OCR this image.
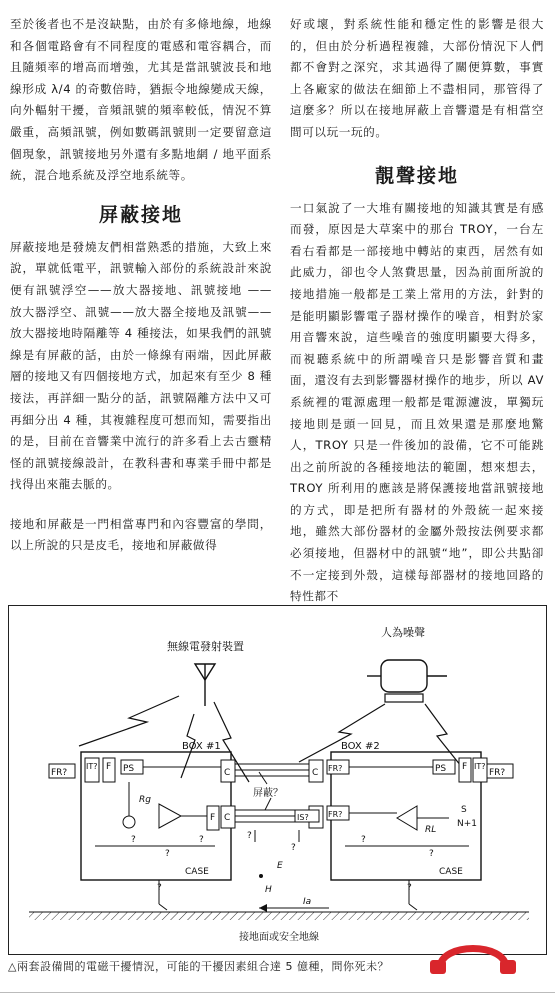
至於後者也不是沒缺點，由於有多條地線，地線和各個電路會有不同程度的電感和電容耦合，而且隨頻率的增高而增強，尤其是當訊號波長和地線形成 λ/4 的奇數倍時，猶振令地線變成天線，向外輻射干擾，音頻訊號的頻率較低，情況不算嚴重，高頻訊號，例如數碼訊號則一定要留意這個現象，訊號接地另外還有多點地網 / 地平面系統，混合地系統及浮空地系統等。

屏蔽接地

屏蔽接地是發燒友們相當熟悉的措施，大致上來說，單就低電平，訊號輸入部份的系統設計來說便有訊號浮空——放大器接地、訊號接地 —— 放大器浮空、訊號——放大器全接地及訊號——放大器接地時隔離等 4 種接法，如果我們的訊號線是有屏蔽的話，由於一條線有兩端，因此屏蔽層的接地又有四個接地方式，加起來有至少 8 種接法，再詳細一點分的話，訊號隔離方法中又可再細分出 4 種，其複雜程度可想而知，需要指出的是，目前在音響業中流行的許多看上去古靈精怪的訊號接線設計，在教科書和專業手冊中都是找得出來龍去脈的。

接地和屏蔽是一門相當專門和內容豐富的學問，以上所說的只是皮毛，接地和屏蔽做得

好或壞，對系統性能和穩定性的影響是很大的，但由於分析過程複雜，大部份情況下人們都不會對之深究，求其過得了關便算數，事實上各廠家的做法在細節上不盡相同，那管得了這麼多？所以在接地屏蔽上音響還是有相當空間可以玩一玩的。

靚聲接地

一口氣說了一大堆有關接地的知識其實是有感而發，原因是大草案中的那台 TROY，一台左看右看都是一部接地中轉站的東西，居然有如此威力，卻也令人煞費思量，因為前面所說的接地措施一般都是工業上常用的方法，針對的是能明顯影響電子器材操作的噪音，相對於家用音響來說，這些噪音的強度明顯要大得多，而視聽系統中的所謂噪音只是影響音質和畫面，還沒有去到影響器材操作的地步，所以 AV 系統裡的電源處理一般都是電源濾波，單獨玩接地則是頭一回見，而且效果還是那麼地驚人，TROY 只是一件後加的設備，它不可能跳出之前所說的各種接地法的範圍，想來想去，TROY 所利用的應該是將保護接地當訊號接地的方式，即是把所有器材的外殼統一起來接地，雖然大部份器材的金屬外殼按法例要求都必須接地，但器材中的訊號“地”，即公共點卻不一定接到外殼，這樣每部器材的接地回路的特性都不

無線電發射裝置
人為噪聲
BOX #1	BOX #2
FR?	FR?
IT? F PS	C
F C
C FR?	PS F IT?
FR?
IS?
屏蔽？
Rg
RL
S
N+1
?
?
?	?
?
?
?
?	?
CASE	CASE
E
H
Ia
接地面或安全地線
△兩套設備間的電磁干擾情況，可能的干擾因素組合達 5 億種，問你死未？
